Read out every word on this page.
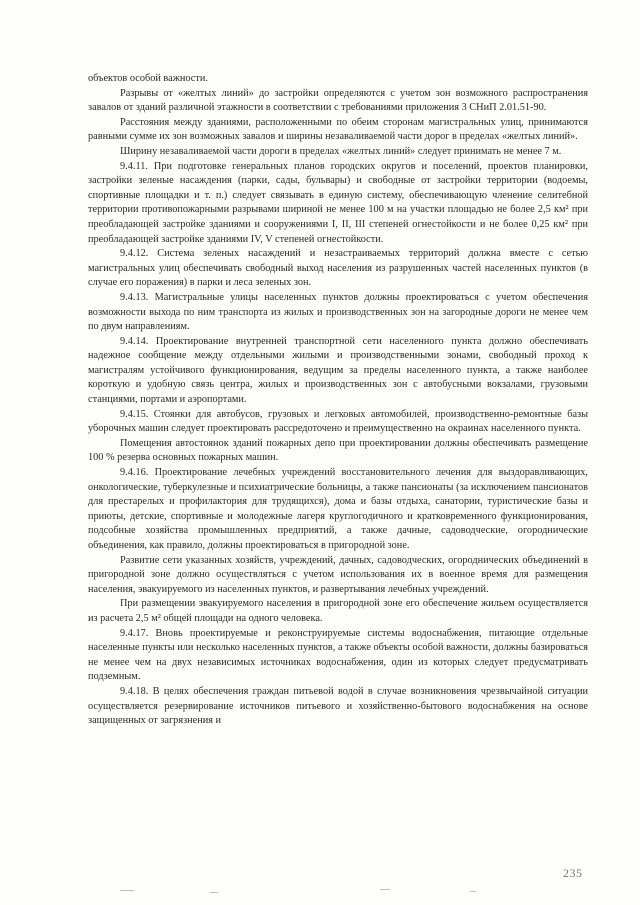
объектов особой важности.

Разрывы от «желтых линий» до застройки определяются с учетом зон возможного распространения завалов от зданий различной этажности в соответствии с требованиями приложения 3 СНиП 2.01.51-90.

Расстояния между зданиями, расположенными по обеим сторонам магистральных улиц, принимаются равными сумме их зон возможных завалов и ширины незаваливаемой части дорог в пределах «желтых линий».

Ширину незаваливаемой части дороги в пределах «желтых линий» следует принимать не менее 7 м.

9.4.11. При подготовке генеральных планов городских округов и поселений, проектов планировки, застройки зеленые насаждения (парки, сады, бульвары) и свободные от застройки территории (водоемы, спортивные площадки и т. п.) следует связывать в единую систему, обеспечивающую членение селитебной территории противопожарными разрывами шириной не менее 100 м на участки площадью не более 2,5 км² при преобладающей застройке зданиями и сооружениями I, II, III степеней огнестойкости и не более 0,25 км² при преобладающей застройке зданиями IV, V степеней огнестойкости.

9.4.12. Система зеленых насаждений и незастраиваемых территорий должна вместе с сетью магистральных улиц обеспечивать свободный выход населения из разрушенных частей населенных пунктов (в случае его поражения) в парки и леса зеленых зон.

9.4.13. Магистральные улицы населенных пунктов должны проектироваться с учетом обеспечения возможности выхода по ним транспорта из жилых и производственных зон на загородные дороги не менее чем по двум направлениям.

9.4.14. Проектирование внутренней транспортной сети населенного пункта должно обеспечивать надежное сообщение между отдельными жилыми и производственными зонами, свободный проход к магистралям устойчивого функционирования, ведущим за пределы населенного пункта, а также наиболее короткую и удобную связь центра, жилых и производственных зон с автобусными вокзалами, грузовыми станциями, портами и аэропортами.

9.4.15. Стоянки для автобусов, грузовых и легковых автомобилей, производственно-ремонтные базы уборочных машин следует проектировать рассредоточено и преимущественно на окраинах населенного пункта.

Помещения автостоянок зданий пожарных депо при проектировании должны обеспечивать размещение 100 % резерва основных пожарных машин.

9.4.16. Проектирование лечебных учреждений восстановительного лечения для выздоравливающих, онкологические, туберкулезные и психиатрические больницы, а также пансионаты (за исключением пансионатов для престарелых и профилактория для трудящихся), дома и базы отдыха, санатории, туристические базы и приюты, детские, спортивные и молодежные лагеря круглогодичного и кратковременного функционирования, подсобные хозяйства промышленных предприятий, а также дачные, садоводческие, огороднические объединения, как правило, должны проектироваться в пригородной зоне.

Развитие сети указанных хозяйств, учреждений, дачных, садоводческих, огороднических объединений в пригородной зоне должно осуществляться с учетом использования их в военное время для размещения населения, эвакуируемого из населенных пунктов, и развертывания лечебных учреждений.

При размещении эвакуируемого населения в пригородной зоне его обеспечение жильем осуществляется из расчета 2,5 м² общей площади на одного человека.

9.4.17. Вновь проектируемые и реконструируемые системы водоснабжения, питающие отдельные населенные пункты или несколько населенных пунктов, а также объекты особой важности, должны базироваться не менее чем на двух независимых источниках водоснабжения, один из которых следует предусматривать подземным.

9.4.18. В целях обеспечения граждан питьевой водой в случае возникновения чрезвычайной ситуации осуществляется резервирование источников питьевого и хозяйственно-бытового водоснабжения на основе защищенных от загрязнения и

235
